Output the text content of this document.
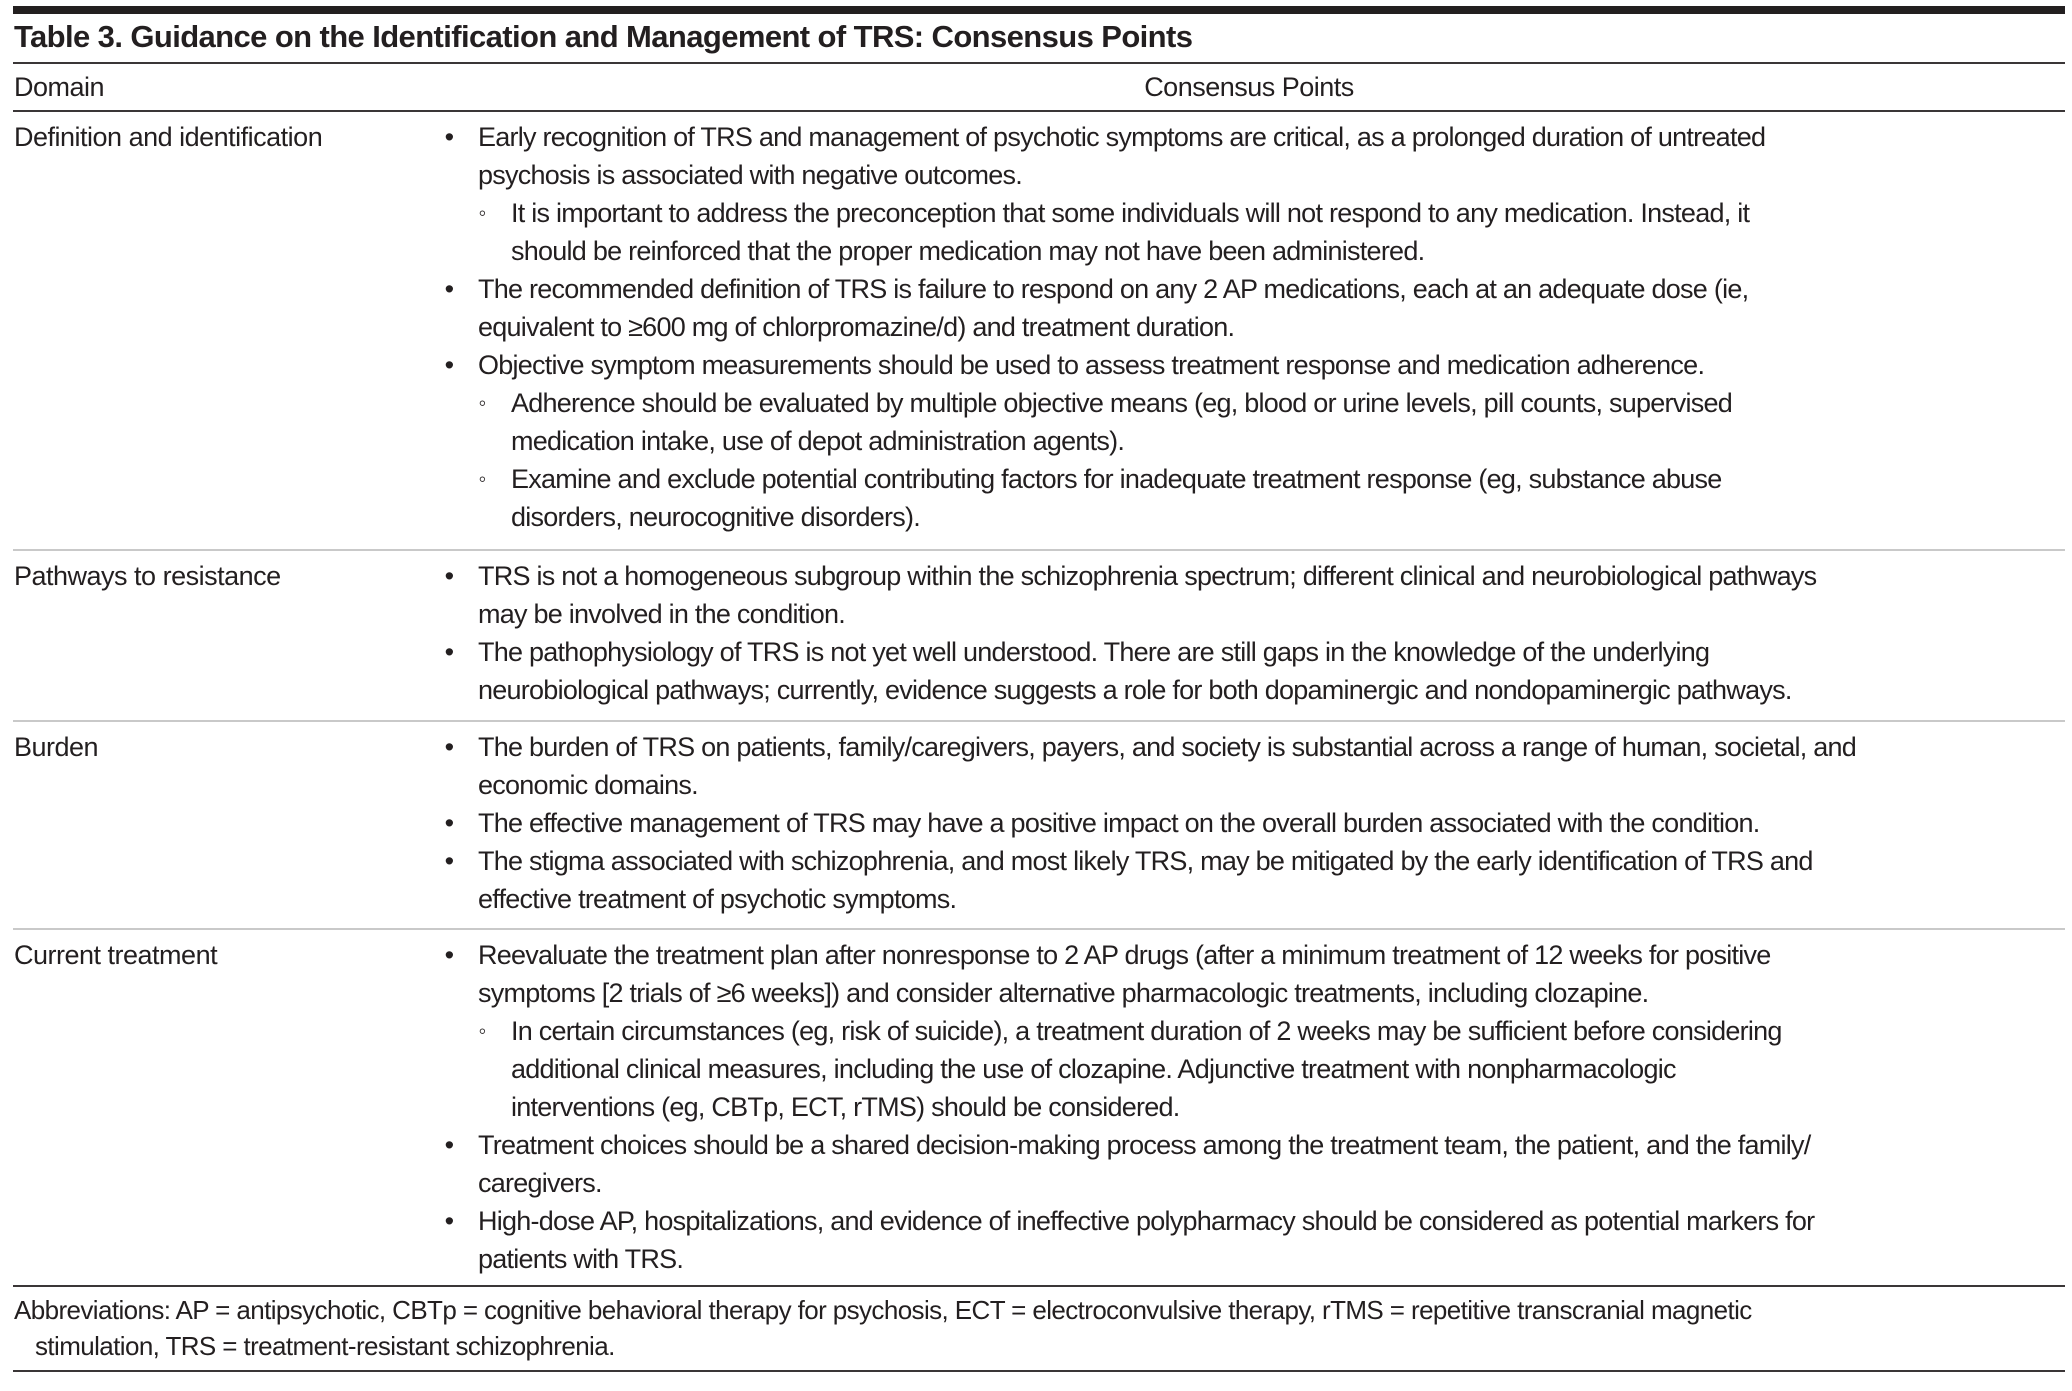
Table 3. Guidance on the Identification and Management of TRS: Consensus Points
Domain	Consensus Points
Definition and identification	• Early recognition of TRS and management of psychotic symptoms are critical, as a prolonged duration of untreated
psychosis is associated with negative outcomes.
◦ It is important to address the preconception that some individuals will not respond to any medication. Instead, it
should be reinforced that the proper medication may not have been administered.
• The recommended definition of TRS is failure to respond on any 2 AP medications, each at an adequate dose (ie,
equivalent to ≥600 mg of chlorpromazine/d) and treatment duration.
• Objective symptom measurements should be used to assess treatment response and medication adherence.
◦ Adherence should be evaluated by multiple objective means (eg, blood or urine levels, pill counts, supervised
medication intake, use of depot administration agents).
◦ Examine and exclude potential contributing factors for inadequate treatment response (eg, substance abuse
disorders, neurocognitive disorders).
Pathways to resistance	• TRS is not a homogeneous subgroup within the schizophrenia spectrum; different clinical and neurobiological pathways
may be involved in the condition.
• The pathophysiology of TRS is not yet well understood. There are still gaps in the knowledge of the underlying
neurobiological pathways; currently, evidence suggests a role for both dopaminergic and nondopaminergic pathways.
Burden	• The burden of TRS on patients, family/caregivers, payers, and society is substantial across a range of human, societal, and
economic domains.
• The effective management of TRS may have a positive impact on the overall burden associated with the condition.
• The stigma associated with schizophrenia, and most likely TRS, may be mitigated by the early identification of TRS and
effective treatment of psychotic symptoms.
Current treatment	• Reevaluate the treatment plan after nonresponse to 2 AP drugs (after a minimum treatment of 12 weeks for positive
symptoms [2 trials of ≥6 weeks]) and consider alternative pharmacologic treatments, including clozapine.
◦ In certain circumstances (eg, risk of suicide), a treatment duration of 2 weeks may be sufficient before considering
additional clinical measures, including the use of clozapine. Adjunctive treatment with nonpharmacologic
interventions (eg, CBTp, ECT, rTMS) should be considered.
• Treatment choices should be a shared decision-making process among the treatment team, the patient, and the family/
caregivers.
• High-dose AP, hospitalizations, and evidence of ineffective polypharmacy should be considered as potential markers for
patients with TRS.
Abbreviations: AP = antipsychotic, CBTp = cognitive behavioral therapy for psychosis, ECT = electroconvulsive therapy, rTMS = repetitive transcranial magnetic
stimulation, TRS = treatment-resistant schizophrenia.
